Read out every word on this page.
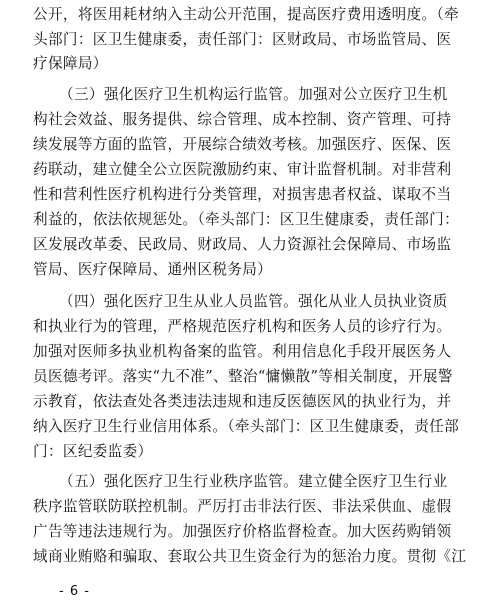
公开，将医用耗材纳入主动公开范围，提高医疗费用透明度。（牵
头部门：区卫生健康委，责任部门：区财政局、市场监管局、医
疗保障局）
（三）强化医疗卫生机构运行监管。加强对公立医疗卫生机
构社会效益、服务提供、综合管理、成本控制、资产管理、可持
续发展等方面的监管，开展综合绩效考核。加强医疗、医保、医
药联动，建立健全公立医院激励约束、审计监督机制。对非营利
性和营利性医疗机构进行分类管理，对损害患者权益、谋取不当
利益的，依法依规惩处。（牵头部门：区卫生健康委，责任部门：
区发展改革委、民政局、财政局、人力资源社会保障局、市场监
管局、医疗保障局、通州区税务局）
（四）强化医疗卫生从业人员监管。强化从业人员执业资质
和执业行为的管理，严格规范医疗机构和医务人员的诊疗行为。
加强对医师多执业机构备案的监管。利用信息化手段开展医务人
员医德考评。落实“九不准”、整治“慵懒散”等相关制度，开展警
示教育，依法查处各类违法违规和违反医德医风的执业行为，并
纳入医疗卫生行业信用体系。（牵头部门：区卫生健康委，责任部
门：区纪委监委）
（五）强化医疗卫生行业秩序监管。建立健全医疗卫生行业
秩序监管联防联控机制。严厉打击非法行医、非法采供血、虚假
广告等违法违规行为。加强医疗价格监督检查。加大医药购销领
域商业贿赂和骗取、套取公共卫生资金行为的惩治力度。贯彻《江
- 6 -
